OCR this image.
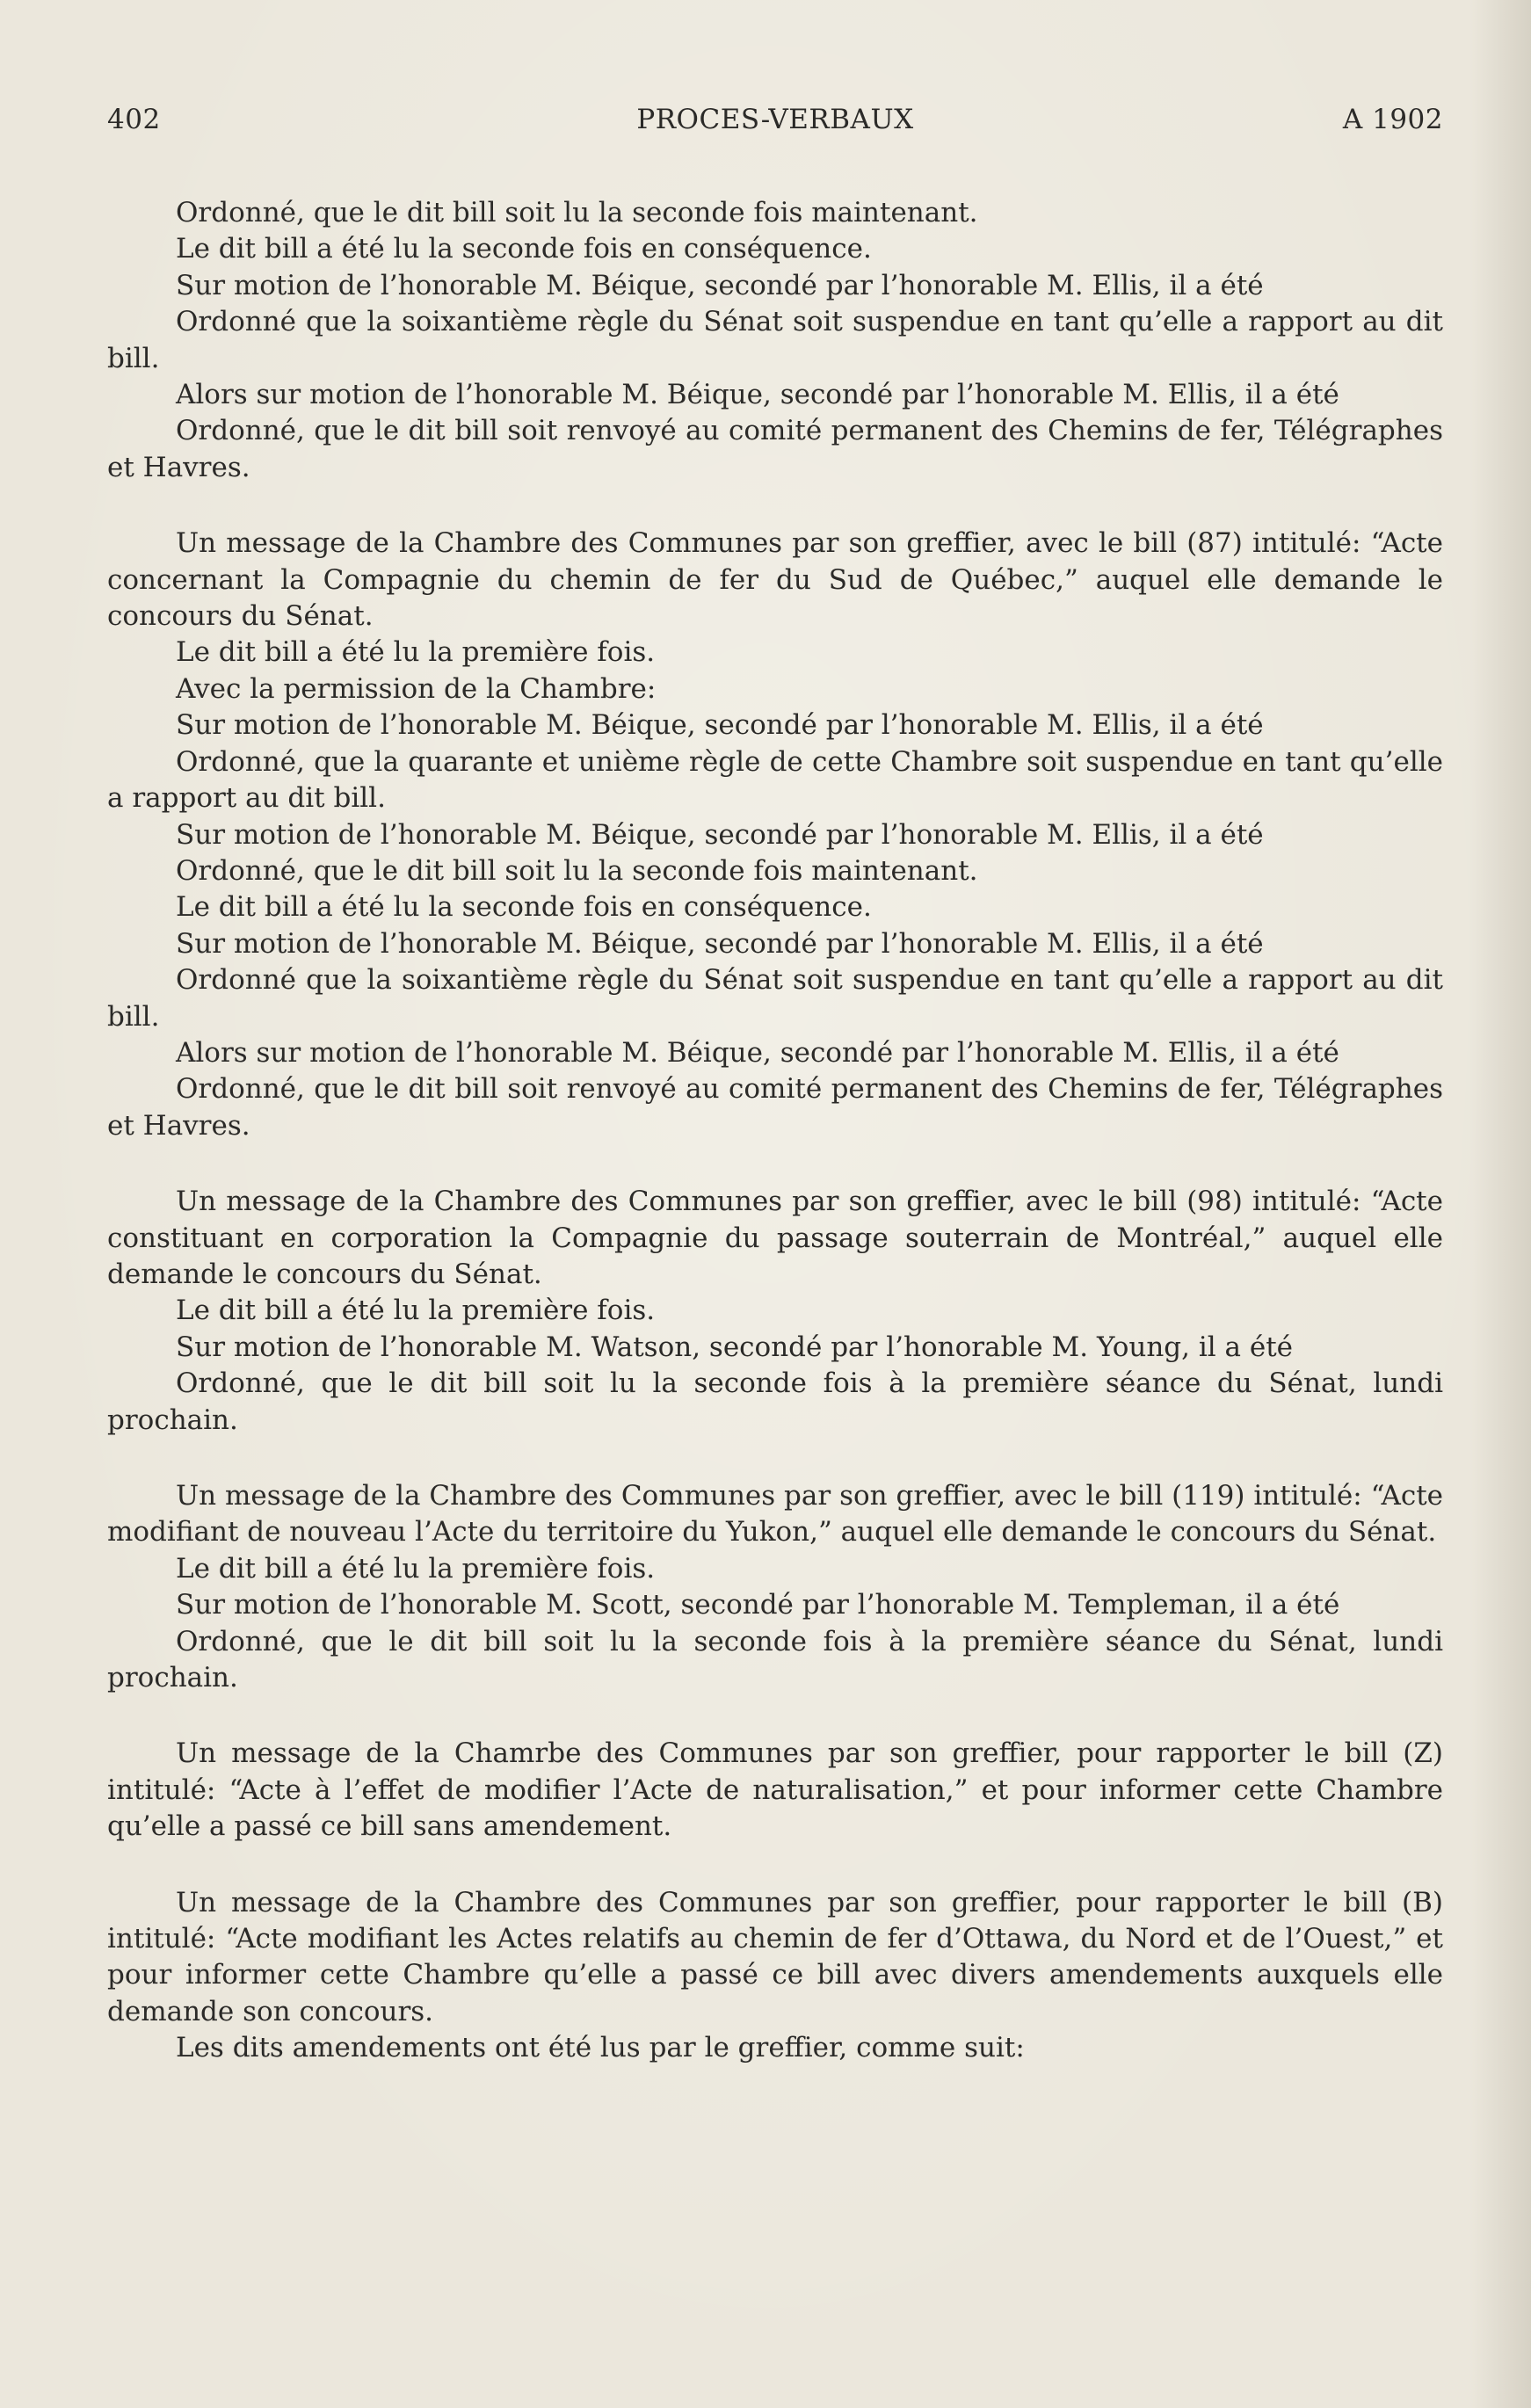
402	PROCES-VERBAUX	A 1902

Ordonné, que le dit bill soit lu la seconde fois maintenant.

Le dit bill a été lu la seconde fois en conséquence.

Sur motion de l’honorable M. Béique, secondé par l’honorable M. Ellis, il a été

Ordonné que la soixantième règle du Sénat soit suspendue en tant qu’elle a rapport au dit bill.

Alors sur motion de l’honorable M. Béique, secondé par l’honorable M. Ellis, il a été

Ordonné, que le dit bill soit renvoyé au comité permanent des Chemins de fer, Télégraphes et Havres.

Un message de la Chambre des Communes par son greffier, avec le bill (87) intitulé: “Acte concernant la Compagnie du chemin de fer du Sud de Québec,” auquel elle demande le concours du Sénat.

Le dit bill a été lu la première fois.

Avec la permission de la Chambre:

Sur motion de l’honorable M. Béique, secondé par l’honorable M. Ellis, il a été

Ordonné, que la quarante et unième règle de cette Chambre soit suspendue en tant qu’elle a rapport au dit bill.

Sur motion de l’honorable M. Béique, secondé par l’honorable M. Ellis, il a été

Ordonné, que le dit bill soit lu la seconde fois maintenant.

Le dit bill a été lu la seconde fois en conséquence.

Sur motion de l’honorable M. Béique, secondé par l’honorable M. Ellis, il a été

Ordonné que la soixantième règle du Sénat soit suspendue en tant qu’elle a rapport au dit bill.

Alors sur motion de l’honorable M. Béique, secondé par l’honorable M. Ellis, il a été

Ordonné, que le dit bill soit renvoyé au comité permanent des Chemins de fer, Télégraphes et Havres.

Un message de la Chambre des Communes par son greffier, avec le bill (98) intitulé: “Acte constituant en corporation la Compagnie du passage souterrain de Montréal,” auquel elle demande le concours du Sénat.

Le dit bill a été lu la première fois.

Sur motion de l’honorable M. Watson, secondé par l’honorable M. Young, il a été

Ordonné, que le dit bill soit lu la seconde fois à la première séance du Sénat, lundi prochain.

Un message de la Chambre des Communes par son greffier, avec le bill (119) intitulé: “Acte modifiant de nouveau l’Acte du territoire du Yukon,” auquel elle demande le concours du Sénat.

Le dit bill a été lu la première fois.

Sur motion de l’honorable M. Scott, secondé par l’honorable M. Templeman, il a été

Ordonné, que le dit bill soit lu la seconde fois à la première séance du Sénat, lundi prochain.

Un message de la Chamrbe des Communes par son greffier, pour rapporter le bill (Z) intitulé: “Acte à l’effet de modifier l’Acte de naturalisation,” et pour informer cette Chambre qu’elle a passé ce bill sans amendement.

Un message de la Chambre des Communes par son greffier, pour rapporter le bill (B) intitulé: “Acte modifiant les Actes relatifs au chemin de fer d’Ottawa, du Nord et de l’Ouest,” et pour informer cette Chambre qu’elle a passé ce bill avec divers amendements auxquels elle demande son concours.

Les dits amendements ont été lus par le greffier, comme suit:
